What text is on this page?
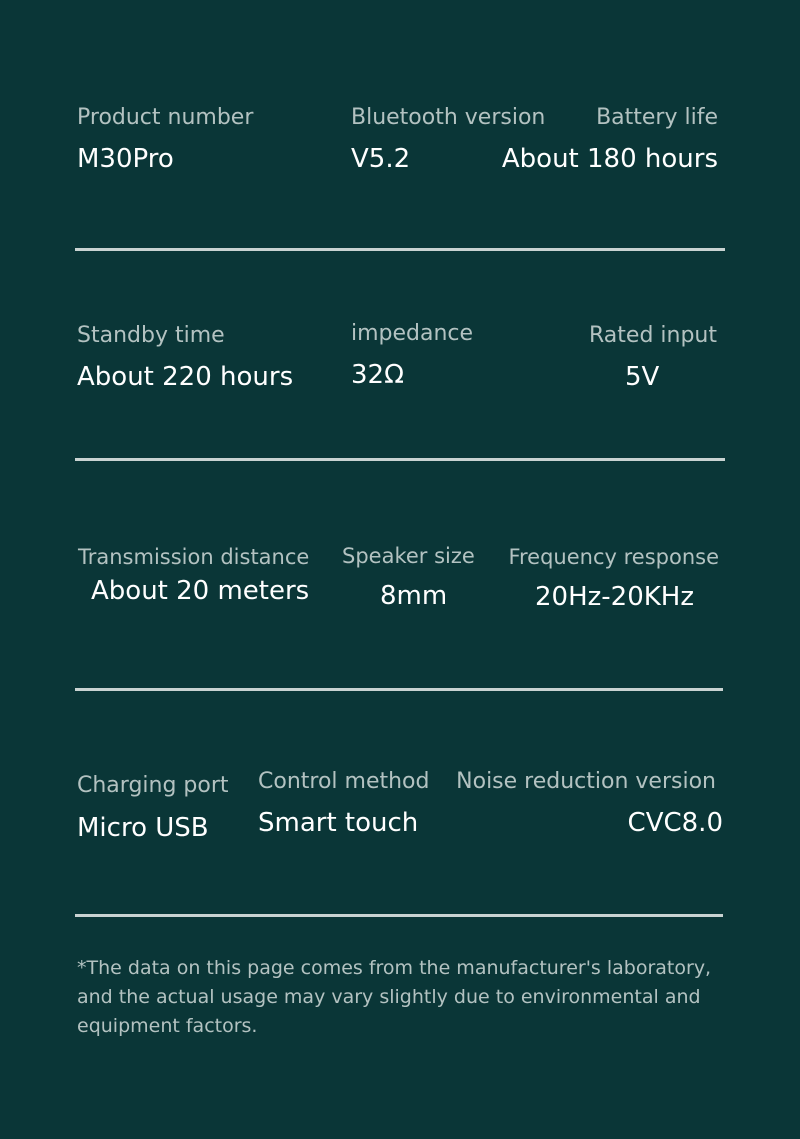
Product number
M30Pro
Bluetooth version
V5.2
Battery life
About 180 hours
Standby time
About 220 hours
impedance
32Ω
Rated input
5V
Transmission distance
About 20 meters
Speaker size
8mm
Frequency response
20Hz-20KHz
Charging port
Micro USB
Control method
Smart touch
Noise reduction version
CVC8.0
*The data on this page comes from the manufacturer's laboratory, and the actual usage may vary slightly due to environmental and equipment factors.
